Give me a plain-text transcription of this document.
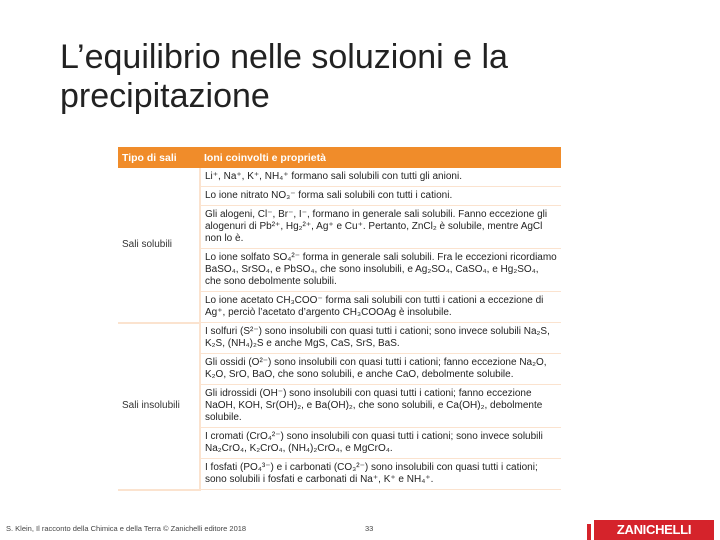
L’equilibrio nelle soluzioni e la precipitazione
Tipo di sali	Ioni coinvolti e proprietà
Sali solubili	Li⁺, Na⁺, K⁺, NH₄⁺ formano sali solubili con tutti gli anioni.
	Lo ione nitrato NO₃⁻ forma sali solubili con tutti i cationi.
	Gli alogeni, Cl⁻, Br⁻, I⁻, formano in generale sali solubili. Fanno eccezione gli alogenuri di Pb²⁺, Hg₂²⁺, Ag⁺ e Cu⁺. Pertanto, ZnCl₂ è solubile, mentre AgCl non lo è.
	Lo ione solfato SO₄²⁻ forma in generale sali solubili. Fra le eccezioni ricordiamo BaSO₄, SrSO₄, e PbSO₄, che sono insolubili, e Ag₂SO₄, CaSO₄, e Hg₂SO₄, che sono debolmente solubili.
	Lo ione acetato CH₃COO⁻ forma sali solubili con tutti i cationi a eccezione di Ag⁺, perciò l’acetato d’argento CH₃COOAg è insolubile.
Sali insolubili	I solfuri (S²⁻) sono insolubili con quasi tutti i cationi; sono invece solubili Na₂S, K₂S, (NH₄)₂S e anche MgS, CaS, SrS, BaS.
	Gli ossidi (O²⁻) sono insolubili con quasi tutti i cationi; fanno eccezione Na₂O, K₂O, SrO, BaO, che sono solubili, e anche CaO, debolmente solubile.
	Gli idrossidi (OH⁻) sono insolubili con quasi tutti i cationi; fanno eccezione NaOH, KOH, Sr(OH)₂, e Ba(OH)₂, che sono solubili, e Ca(OH)₂, debolmente solubile.
	I cromati (CrO₄²⁻) sono insolubili con quasi tutti i cationi; sono invece solubili Na₂CrO₄, K₂CrO₄, (NH₄)₂CrO₄, e MgCrO₄.
	I fosfati (PO₄³⁻) e i carbonati (CO₃²⁻) sono insolubili con quasi tutti i cationi; sono solubili i fosfati e carbonati di Na⁺, K⁺ e NH₄⁺.
S. Klein, Il racconto della Chimica e della Terra © Zanichelli editore 2018	33	ZANICHELLI
